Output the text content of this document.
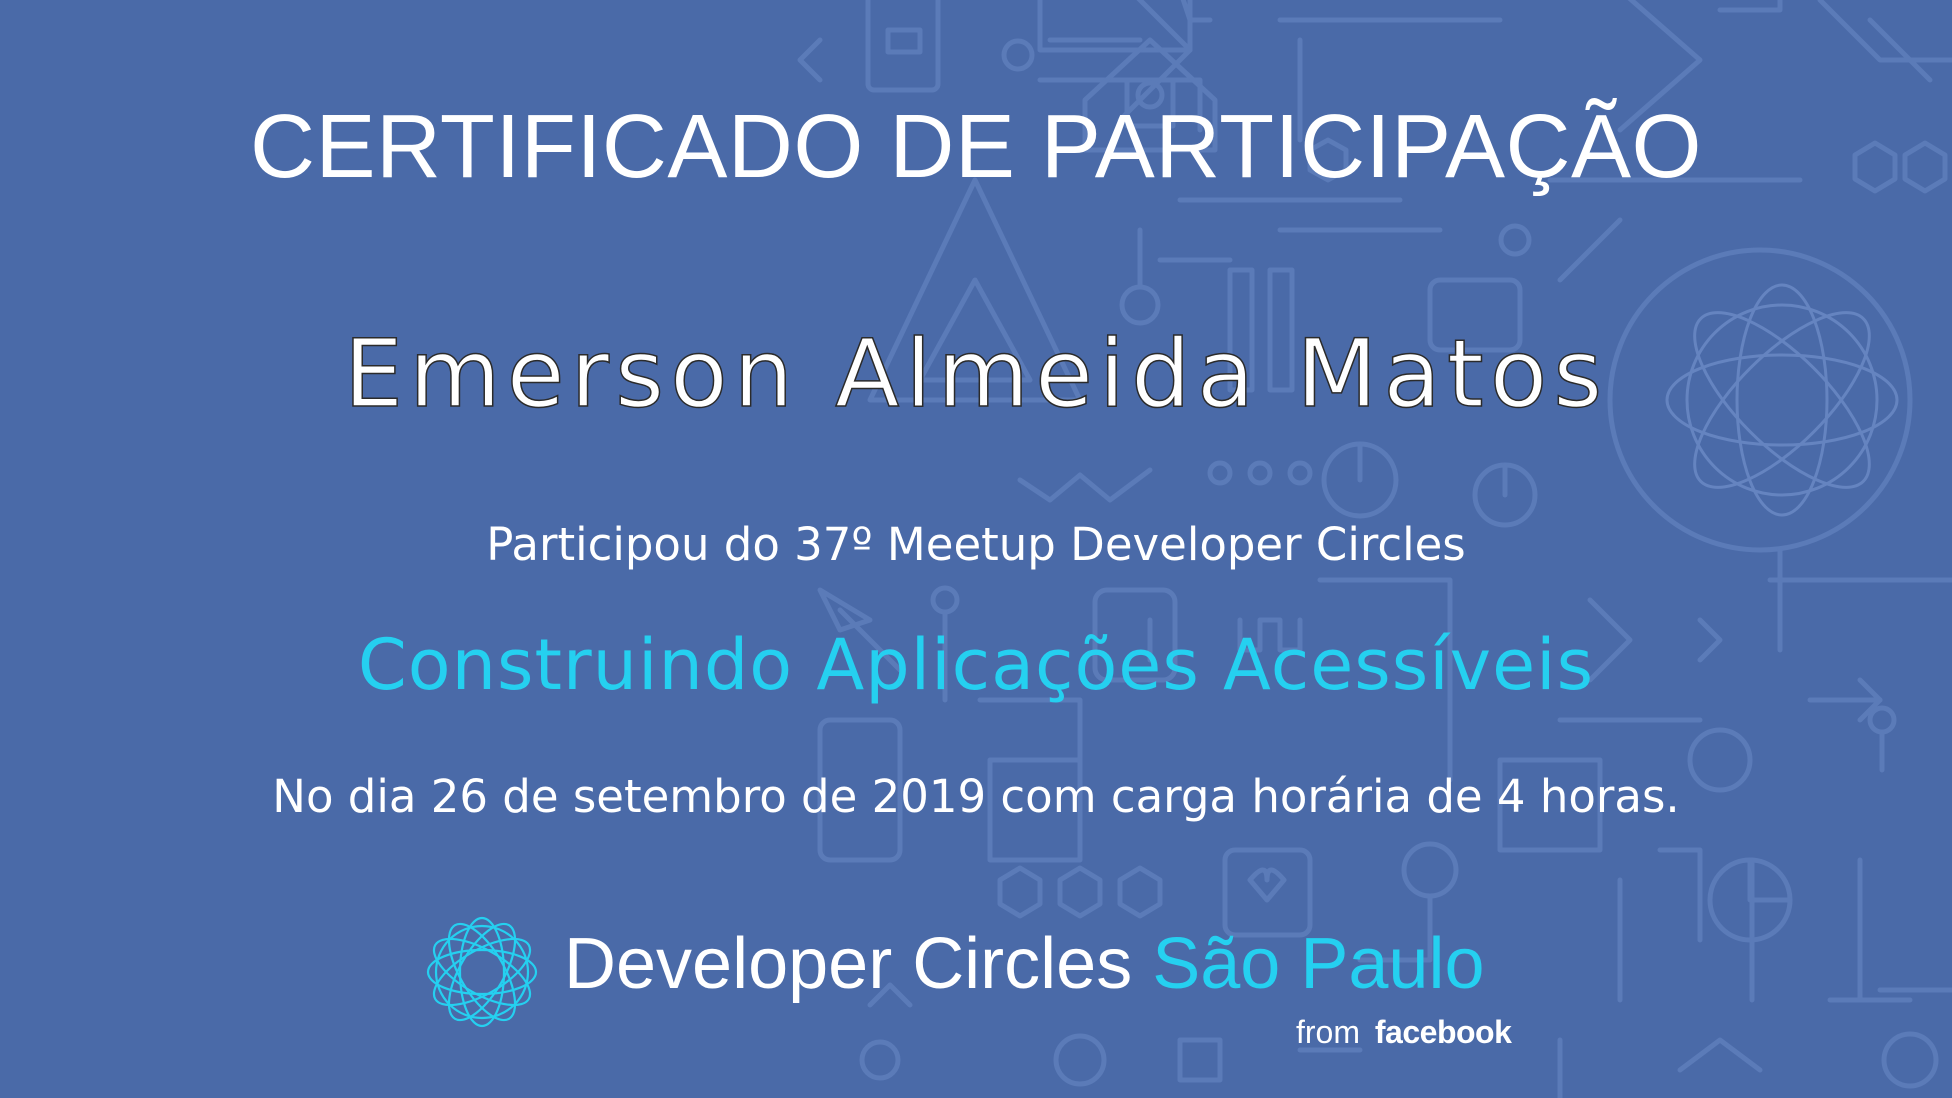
CERTIFICADO DE PARTICIPAÇÃO
Emerson Almeida Matos
Participou do 37º Meetup Developer Circles
Construindo Aplicações Acessíveis
No dia 26 de setembro de 2019 com carga horária de 4 horas.
Developer Circles São Paulo
from facebook
